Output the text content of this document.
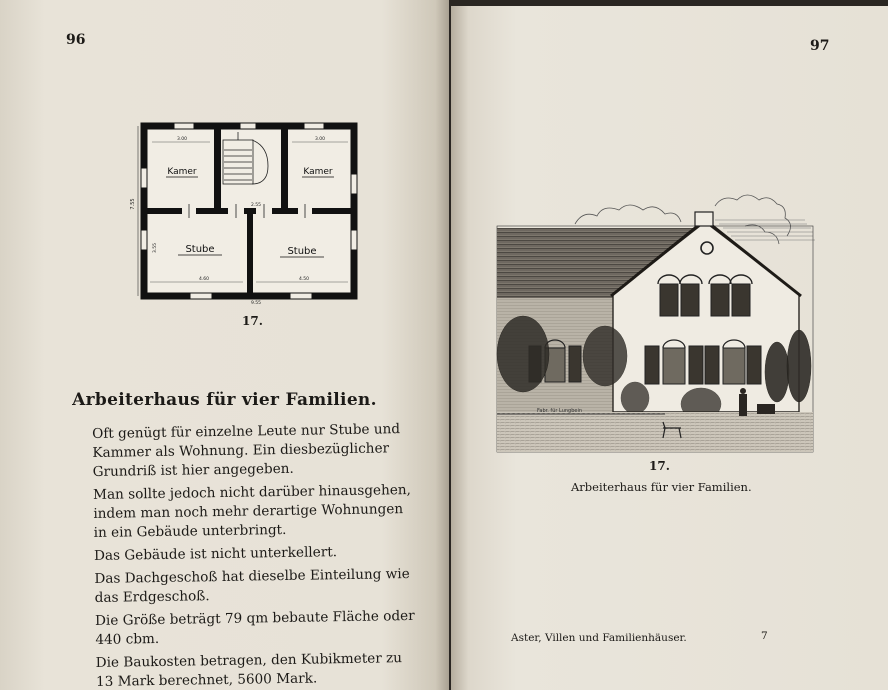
96
7.55
3.00	3.00
4.60	4.50
2.55
3.55
Kamer	Kamer
Stube	Stube
9.55
17.
Arbeiterhaus für vier Familien.

Oft genügt für einzelne Leute nur Stube und Kammer als Wohnung. Ein diesbezüglicher Grundriß ist hier angegeben.

Man sollte jedoch nicht darüber hinausgehen, indem man noch mehr derartige Wohnungen in ein Gebäude unterbringt.

Das Gebäude ist nicht unterkellert.

Das Dachgeschoß hat dieselbe Einteilung wie das Erdgeschoß.

Die Größe beträgt 79 qm bebaute Fläche oder 440 cbm.

Die Baukosten betragen, den Kubikmeter zu 13 Mark berechnet, 5600 Mark.

97
Fabr. für Lungbein
17.
Arbeiterhaus für vier Familien.
Aster, Villen und Familienhäuser.	7
